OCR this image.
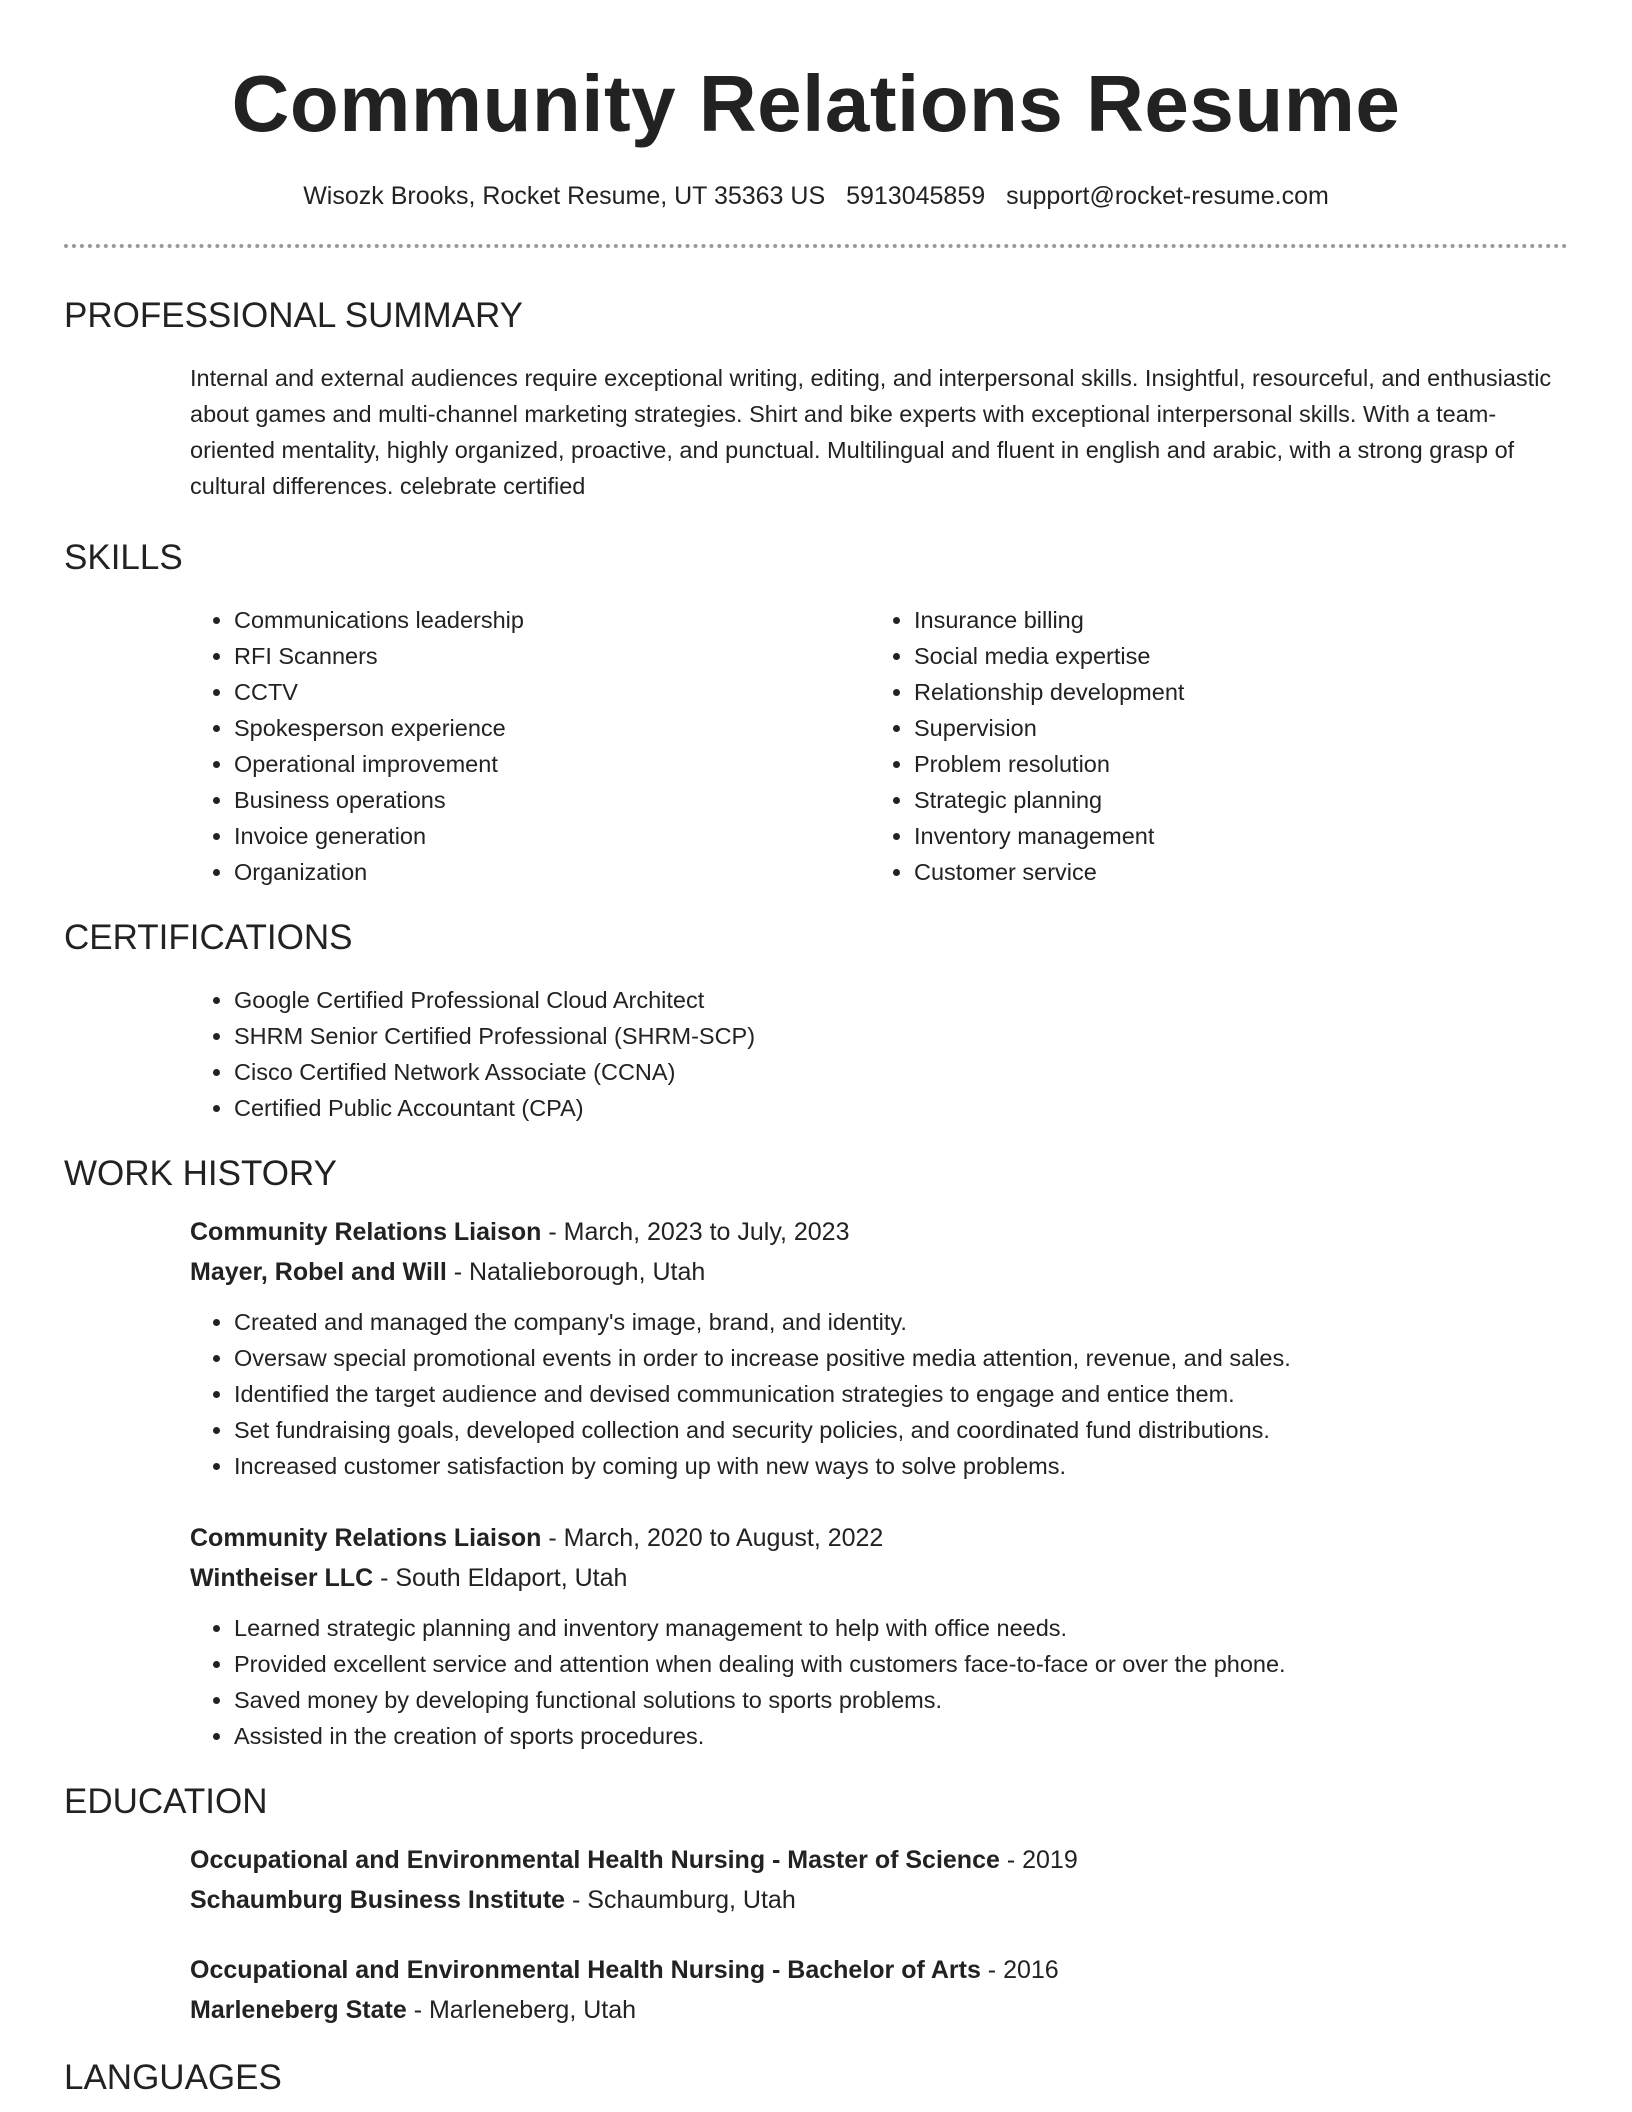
Community Relations Resume
Wisozk Brooks, Rocket Resume, UT 35363 US 5913045859 support@rocket-resume.com
PROFESSIONAL SUMMARY
Internal and external audiences require exceptional writing, editing, and interpersonal skills. Insightful, resourceful, and enthusiastic about games and multi-channel marketing strategies. Shirt and bike experts with exceptional interpersonal skills. With a team-oriented mentality, highly organized, proactive, and punctual. Multilingual and fluent in english and arabic, with a strong grasp of cultural differences. celebrate certified
SKILLS
• Communications leadership
• RFI Scanners
• CCTV
• Spokesperson experience
• Operational improvement
• Business operations
• Invoice generation
• Organization
• Insurance billing
• Social media expertise
• Relationship development
• Supervision
• Problem resolution
• Strategic planning
• Inventory management
• Customer service
CERTIFICATIONS
• Google Certified Professional Cloud Architect
• SHRM Senior Certified Professional (SHRM-SCP)
• Cisco Certified Network Associate (CCNA)
• Certified Public Accountant (CPA)
WORK HISTORY
Community Relations Liaison - March, 2023 to July, 2023
Mayer, Robel and Will - Natalieborough, Utah
• Created and managed the company's image, brand, and identity.
• Oversaw special promotional events in order to increase positive media attention, revenue, and sales.
• Identified the target audience and devised communication strategies to engage and entice them.
• Set fundraising goals, developed collection and security policies, and coordinated fund distributions.
• Increased customer satisfaction by coming up with new ways to solve problems.
Community Relations Liaison - March, 2020 to August, 2022
Wintheiser LLC - South Eldaport, Utah
• Learned strategic planning and inventory management to help with office needs.
• Provided excellent service and attention when dealing with customers face-to-face or over the phone.
• Saved money by developing functional solutions to sports problems.
• Assisted in the creation of sports procedures.
EDUCATION
Occupational and Environmental Health Nursing - Master of Science - 2019
Schaumburg Business Institute - Schaumburg, Utah
Occupational and Environmental Health Nursing - Bachelor of Arts - 2016
Marleneberg State - Marleneberg, Utah
LANGUAGES
